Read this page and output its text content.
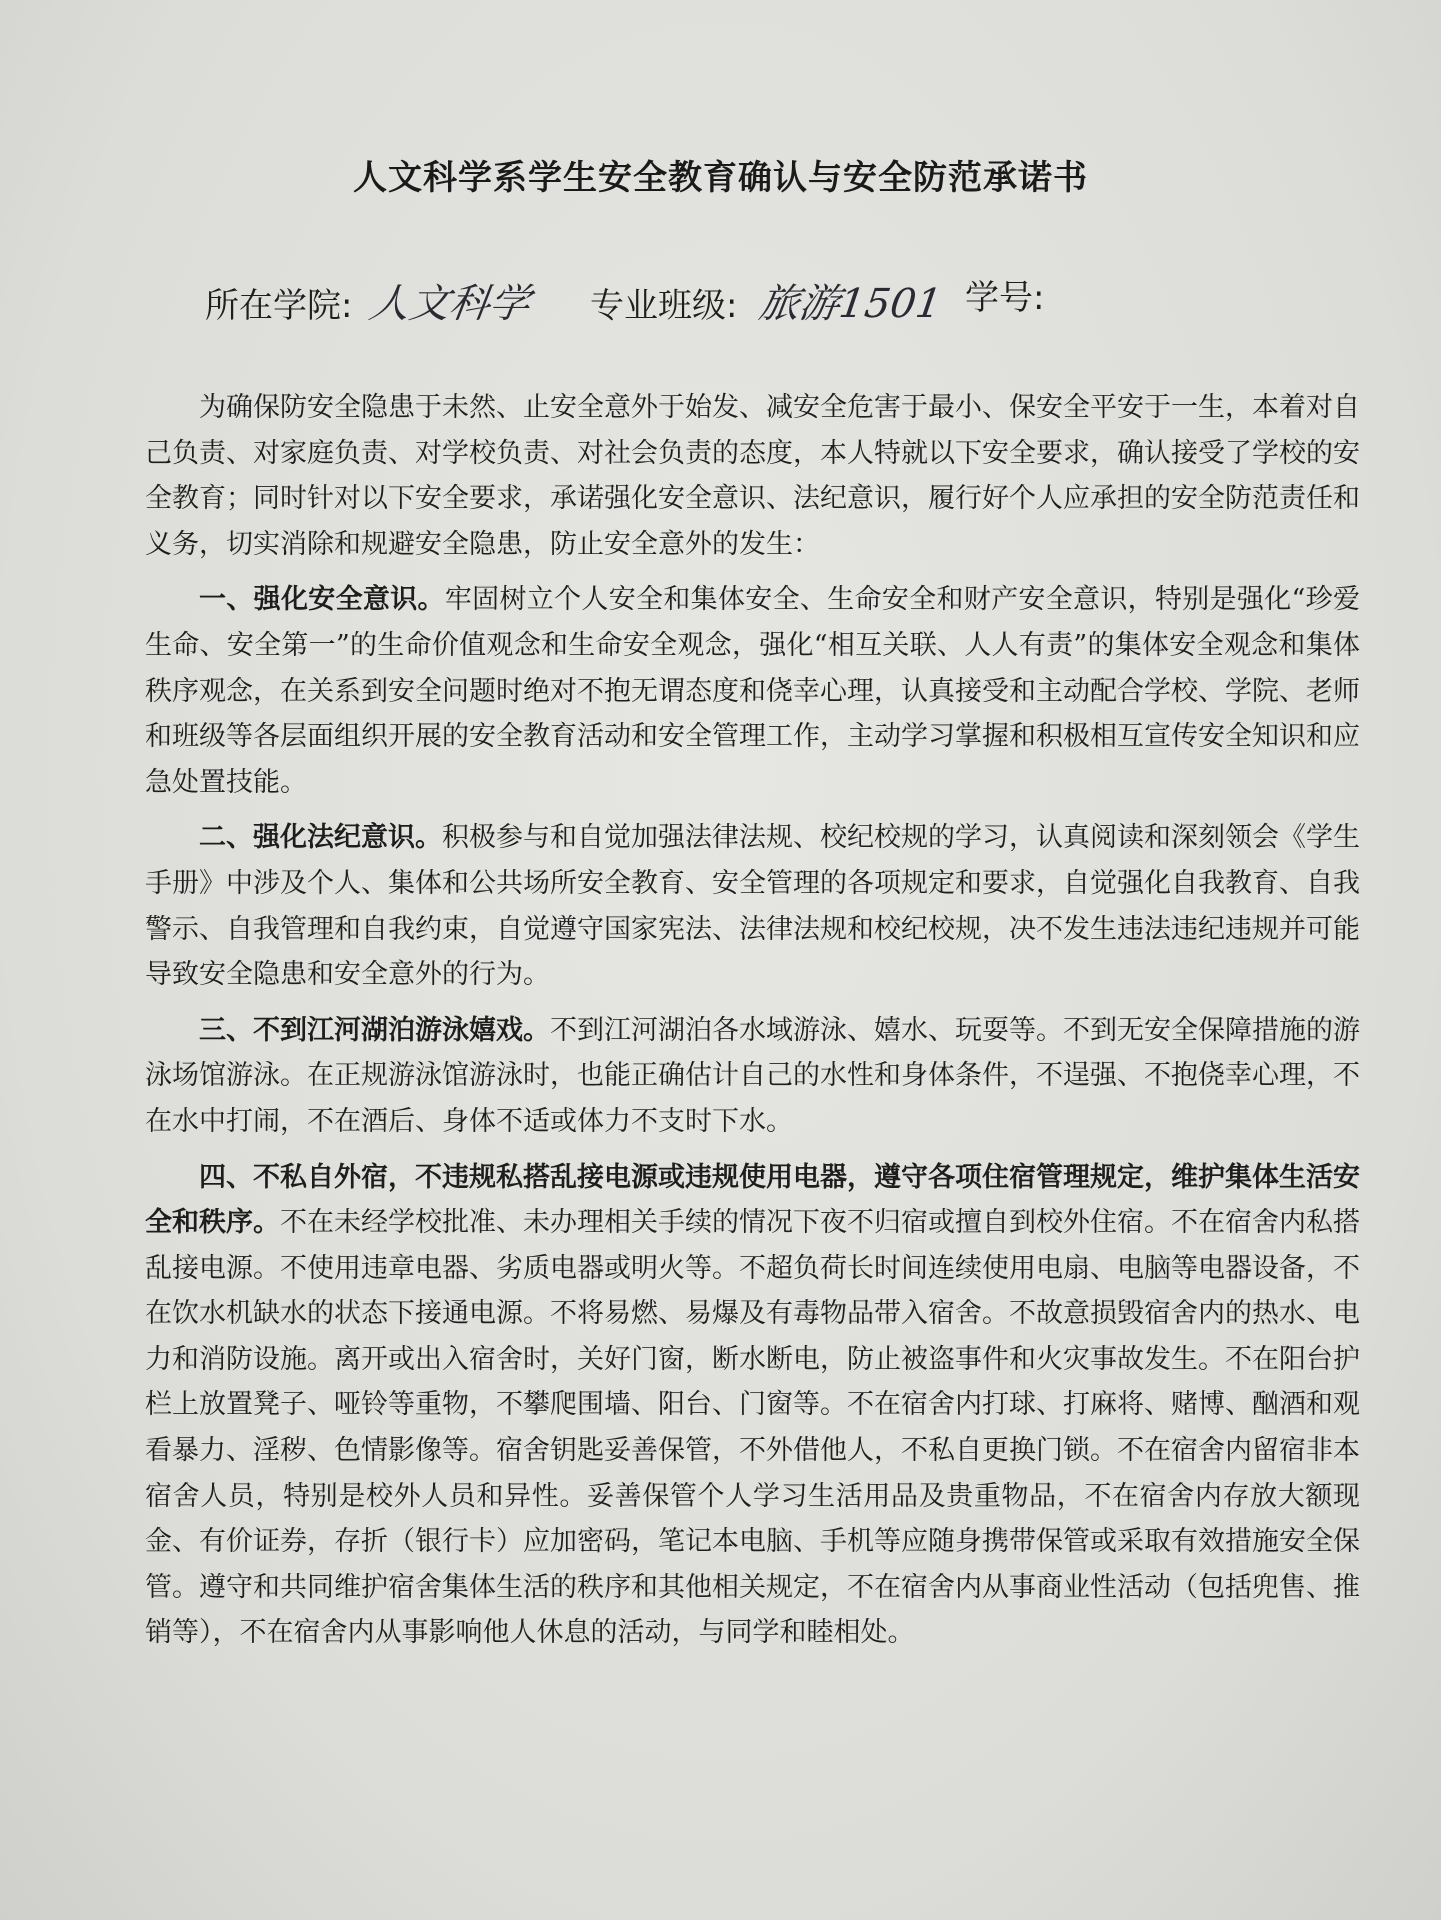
人文科学系学生安全教育确认与安全防范承诺书
所在学院: 人文科学 专业班级: 旅游1501 学号:

为确保防安全隐患于未然、止安全意外于始发、减安全危害于最小、保安全平安于一生，本着对自己负责、对家庭负责、对学校负责、对社会负责的态度，本人特就以下安全要求，确认接受了学校的安全教育；同时针对以下安全要求，承诺强化安全意识、法纪意识，履行好个人应承担的安全防范责任和义务，切实消除和规避安全隐患，防止安全意外的发生：

一、强化安全意识。牢固树立个人安全和集体安全、生命安全和财产安全意识，特别是强化“珍爱生命、安全第一”的生命价值观念和生命安全观念，强化“相互关联、人人有责”的集体安全观念和集体秩序观念，在关系到安全问题时绝对不抱无谓态度和侥幸心理，认真接受和主动配合学校、学院、老师和班级等各层面组织开展的安全教育活动和安全管理工作，主动学习掌握和积极相互宣传安全知识和应急处置技能。

二、强化法纪意识。积极参与和自觉加强法律法规、校纪校规的学习，认真阅读和深刻领会《学生手册》中涉及个人、集体和公共场所安全教育、安全管理的各项规定和要求，自觉强化自我教育、自我警示、自我管理和自我约束，自觉遵守国家宪法、法律法规和校纪校规，决不发生违法违纪违规并可能导致安全隐患和安全意外的行为。

三、不到江河湖泊游泳嬉戏。不到江河湖泊各水域游泳、嬉水、玩耍等。不到无安全保障措施的游泳场馆游泳。在正规游泳馆游泳时，也能正确估计自己的水性和身体条件，不逞强、不抱侥幸心理，不在水中打闹，不在酒后、身体不适或体力不支时下水。

四、不私自外宿，不违规私搭乱接电源或违规使用电器，遵守各项住宿管理规定，维护集体生活安全和秩序。不在未经学校批准、未办理相关手续的情况下夜不归宿或擅自到校外住宿。不在宿舍内私搭乱接电源。不使用违章电器、劣质电器或明火等。不超负荷长时间连续使用电扇、电脑等电器设备，不在饮水机缺水的状态下接通电源。不将易燃、易爆及有毒物品带入宿舍。不故意损毁宿舍内的热水、电力和消防设施。离开或出入宿舍时，关好门窗，断水断电，防止被盗事件和火灾事故发生。不在阳台护栏上放置凳子、哑铃等重物，不攀爬围墙、阳台、门窗等。不在宿舍内打球、打麻将、赌博、酗酒和观看暴力、淫秽、色情影像等。宿舍钥匙妥善保管，不外借他人，不私自更换门锁。不在宿舍内留宿非本宿舍人员，特别是校外人员和异性。妥善保管个人学习生活用品及贵重物品，不在宿舍内存放大额现金、有价证券，存折（银行卡）应加密码，笔记本电脑、手机等应随身携带保管或采取有效措施安全保管。遵守和共同维护宿舍集体生活的秩序和其他相关规定，不在宿舍内从事商业性活动（包括兜售、推销等），不在宿舍内从事影响他人休息的活动，与同学和睦相处。
